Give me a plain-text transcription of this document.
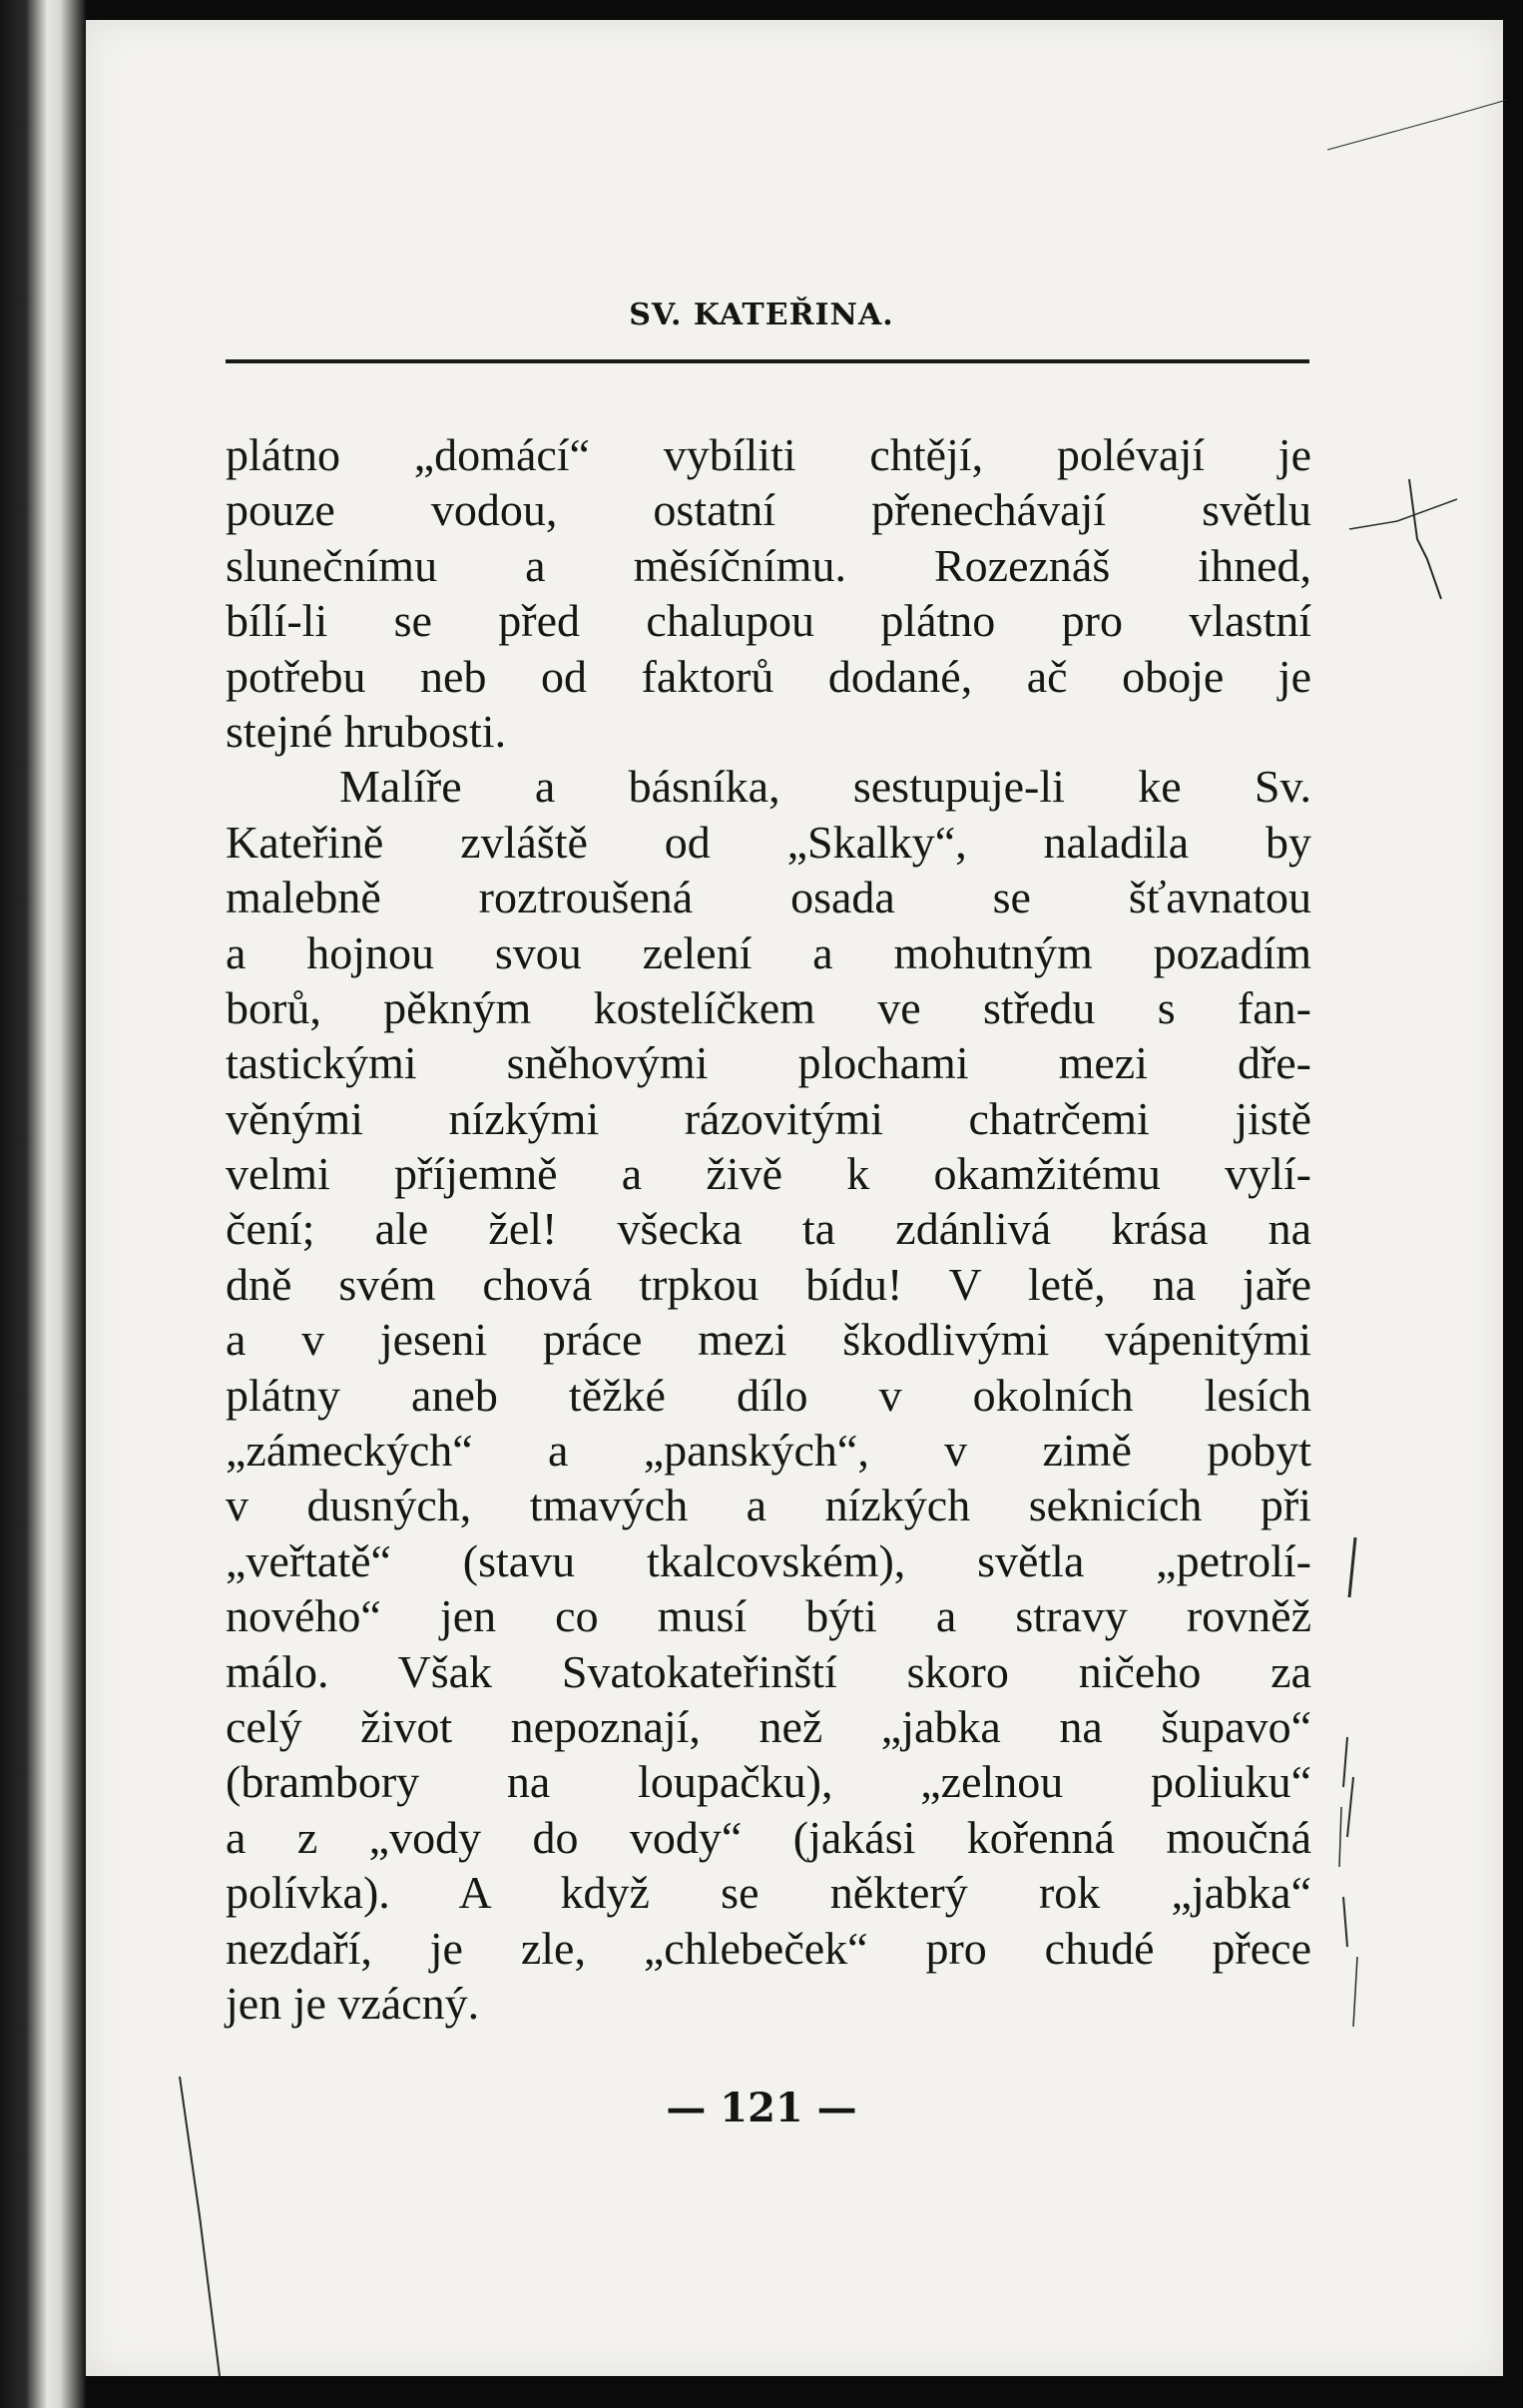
SV. KATEŘINA.
plátno „domácí“ vybíliti chtějí, polévají je
pouze vodou, ostatní přenechávají světlu
slunečnímu a měsíčnímu. Rozeznáš ihned,
bílí-li se před chalupou plátno pro vlastní
potřebu neb od faktorů dodané, ač oboje je
stejné hrubosti.
Malíře a básníka, sestupuje-li ke Sv.
Kateřině zvláště od „Skalky“, naladila by
malebně roztroušená osada se šťavnatou
a hojnou svou zelení a mohutným pozadím
borů, pěkným kostelíčkem ve středu s fan-
tastickými sněhovými plochami mezi dře-
věnými nízkými rázovitými chatrčemi jistě
velmi příjemně a živě k okamžitému vylí-
čení; ale žel! všecka ta zdánlivá krása na
dně svém chová trpkou bídu! V letě, na jaře
a v jeseni práce mezi škodlivými vápenitými
plátny aneb těžké dílo v okolních lesích
„zámeckých“ a „panských“, v zimě pobyt
v dusných, tmavých a nízkých seknicích při
„veřtatě“ (stavu tkalcovském), světla „petrolí-
nového“ jen co musí býti a stravy rovněž
málo. Však Svatokateřinští skoro ničeho za
celý život nepoznají, než „jabka na šupavo“
(brambory na loupačku), „zelnou poliuku“
a z „vody do vody“ (jakási kořenná moučná
polívka). A když se některý rok „jabka“
nezdaří, je zle, „chlebeček“ pro chudé přece
jen je vzácný.
— 121 —
